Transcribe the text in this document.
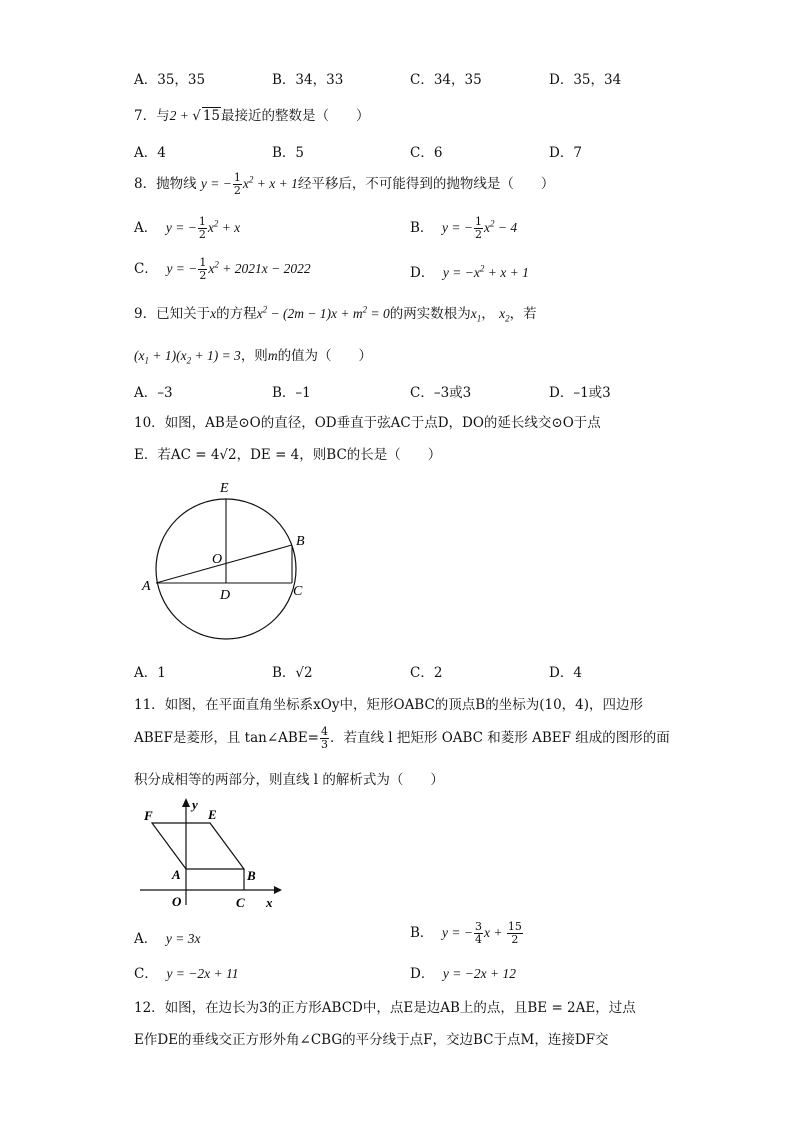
A．35，35	B．34，33	C．34，35	D．35，34
7．与2 + √ 15最接近的整数是（　　）
A．4	B．5	C．6	D．7
8．抛物线 y = − $\frac{1}{2} x^2 + x + 1$经平移后，不可能得到的抛物线是（　　）
A． y = − $\frac{1}{2} x^2 + x$	B． y = − $\frac{1}{2} x^2 - 4$
C． y = − $\frac{1}{2} x^2 + 2021x - 2022$	D． $y = -x^2 + x + 1$
9．已知关于x的方程$x^2 - (2m - 1)x + m^2 = 0$的两实数根为$x_1$， $x_2$，若
$(x_1 + 1)(x_2 + 1) = 3$，则m的值为（　　）
A．–3	B．–1	C．–3或3	D．–1或3
10．如图，AB是⊙O的直径，OD垂直于弦AC于点D，DO的延长线交⊙O于点
E．若AC = 4√2，DE = 4，则BC的长是（　　）
E
O
B
A
D	C
A．1	B．√2	C．2	D．4
11．如图，在平面直角坐标系xOy中，矩形OABC的顶点B的坐标为(10，4)，四边形
ABEF是菱形，且 tan∠ABE= $\frac{4}{3}$ ．若直线 l 把矩形 OABC 和菱形 ABEF 组成的图形的面
积分成相等的两部分，则直线 l 的解析式为（　　）
F
y
E
A	B
O	C x
A． y = 3x	B． y = − $\frac{3}{4}$ $x + \frac{15}{2}$
C． y = −2x + 11	D． y = −2x + 12
12．如图，在边长为3的正方形ABCD中，点E是边AB上的点，且BE = 2AE，过点
E作DE的垂线交正方形外角∠CBG的平分线于点F，交边BC于点M，连接DF交
